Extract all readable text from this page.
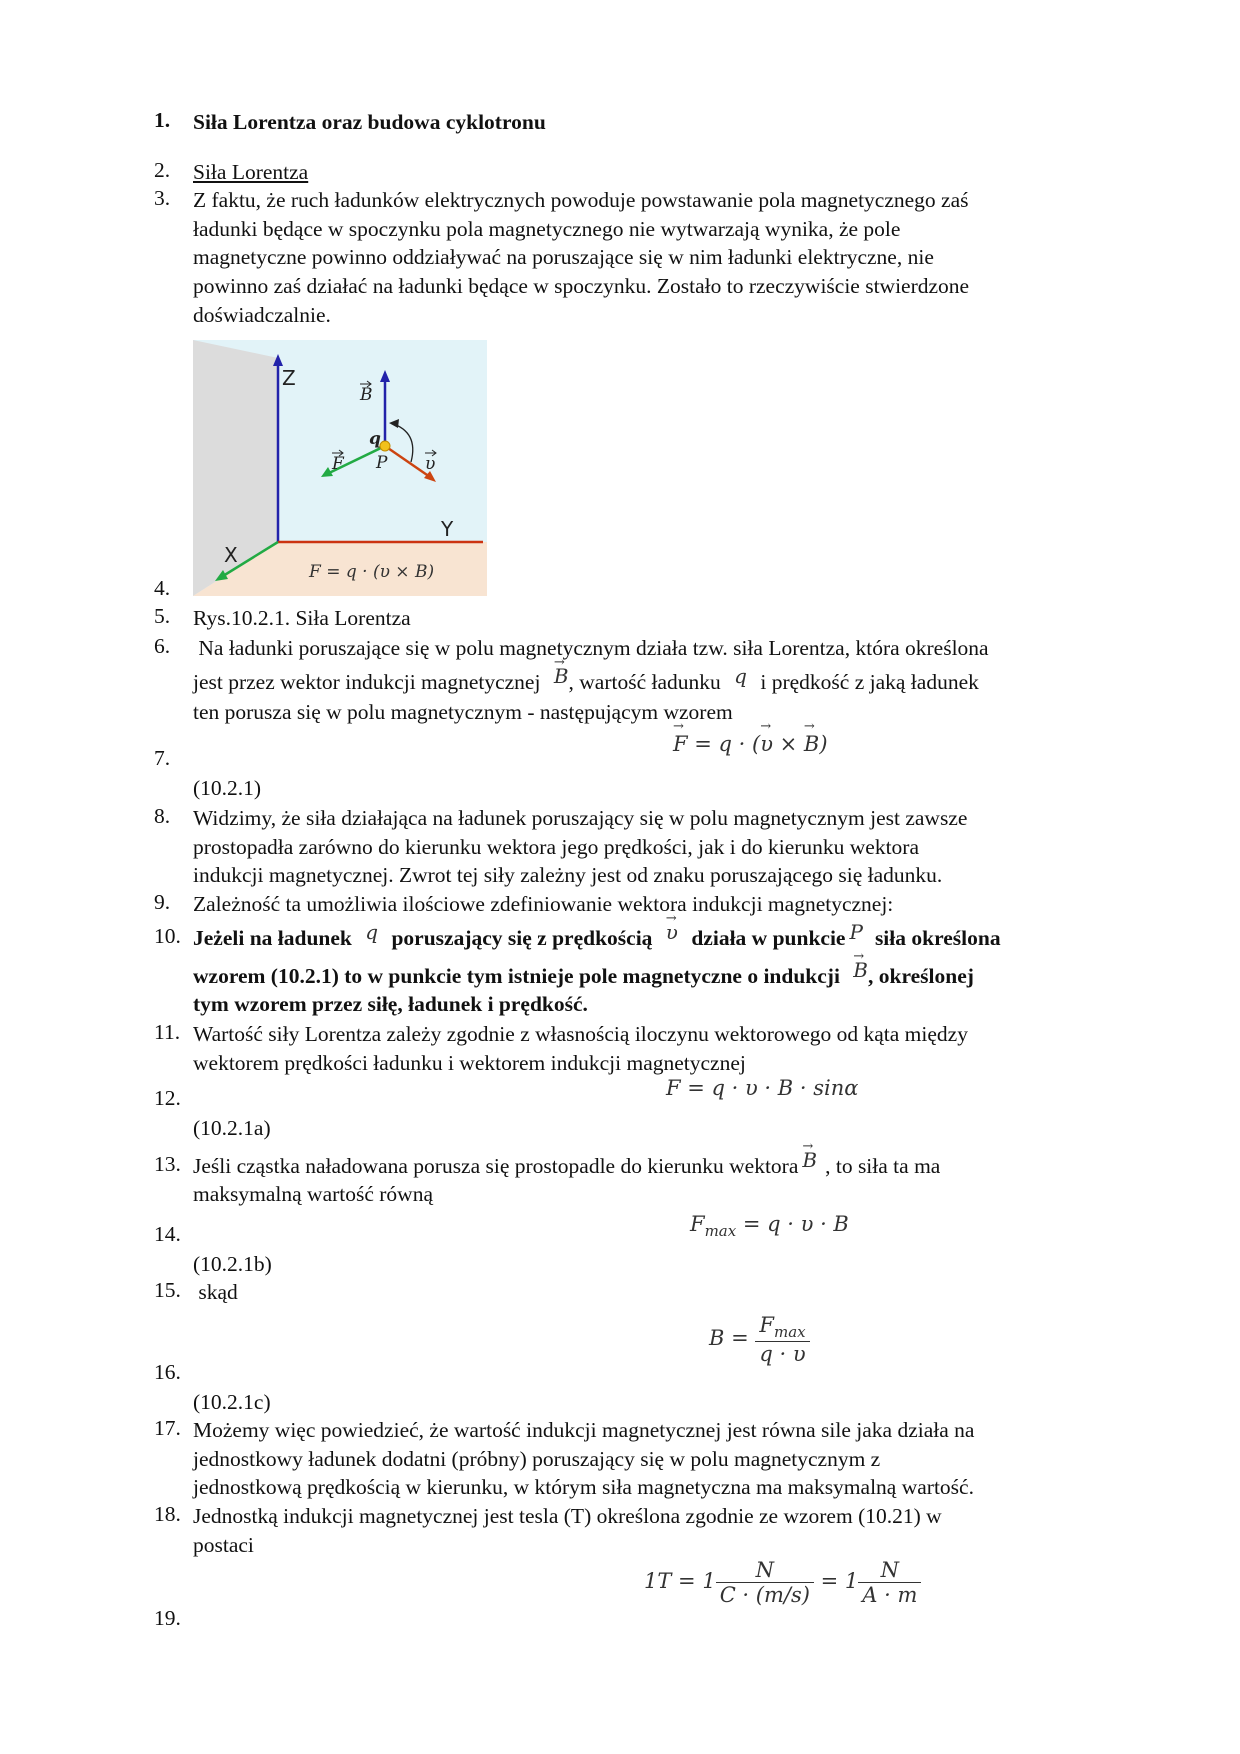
1.	Siła Lorentza oraz budowa cyklotronu
2.	Siła Lorentza
3.	Z faktu, że ruch ładunków elektrycznych powoduje powstawanie pola magnetycznego zaś
ładunki będące w spoczynku pola magnetycznego nie wytwarzają wynika, że pole
magnetyczne powinno oddziaływać na poruszające się w nim ładunki elektryczne, nie
powinno zaś działać na ładunki będące w spoczynku. Zostało to rzeczywiście stwierdzone
doświadczalnie.
Z
Y
X
B
F	υ
q
P
F = q · (υ × B)
4.
5.	Rys.10.2.1. Siła Lorentza
6.	Na ładunki poruszające się w polu magnetycznym działa tzw. siła Lorentza, która określona
jest przez wektor indukcji magnetycznej → B, wartość ładunku q i prędkość z jaką ładunek
ten porusza się w polu magnetycznym - następującym wzorem
→ F = q · (→ υ × → B)
7.
(10.2.1)
8.	Widzimy, że siła działająca na ładunek poruszający się w polu magnetycznym jest zawsze
prostopadła zarówno do kierunku wektora jego prędkości, jak i do kierunku wektora
indukcji magnetycznej. Zwrot tej siły zależny jest od znaku poruszającego się ładunku.
9.	Zależność ta umożliwia ilościowe zdefiniowanie wektora indukcji magnetycznej:
10. Jeżeli na ładunek q poruszający się z prędkością → υ działa w punkcie P siła określona
wzorem (10.2.1) to w punkcie tym istnieje pole magnetyczne o indukcji → B, określonej
tym wzorem przez siłę, ładunek i prędkość.
11. Wartość siły Lorentza zależy zgodnie z własnością iloczynu wektorowego od kąta między
wektorem prędkości ładunku i wektorem indukcji magnetycznej
F = q · υ · B · sinα
12.
(10.2.1a)
13. Jeśli cząstka naładowana porusza się prostopadle do kierunku wektora → B , to siła ta ma
maksymalną wartość równą
$F_{max} = q \cdot \upsilon \cdot B$
14.
(10.2.1b)
15. skąd
$B = \frac{F_{max}}{q \cdot \upsilon}$
16.
(10.2.1c)
17. Możemy więc powiedzieć, że wartość indukcji magnetycznej jest równa sile jaka działa na
jednostkowy ładunek dodatni (próbny) poruszający się w polu magnetycznym z
jednostkową prędkością w kierunku, w którym siła magnetyczna ma maksymalną wartość.
18. Jednostką indukcji magnetycznej jest tesla (T) określona zgodnie ze wzorem (10.21) w
postaci
$1T = 1 \frac{N}{C \cdot (m/s)} = 1 \frac{N}{A \cdot m}$
19.
